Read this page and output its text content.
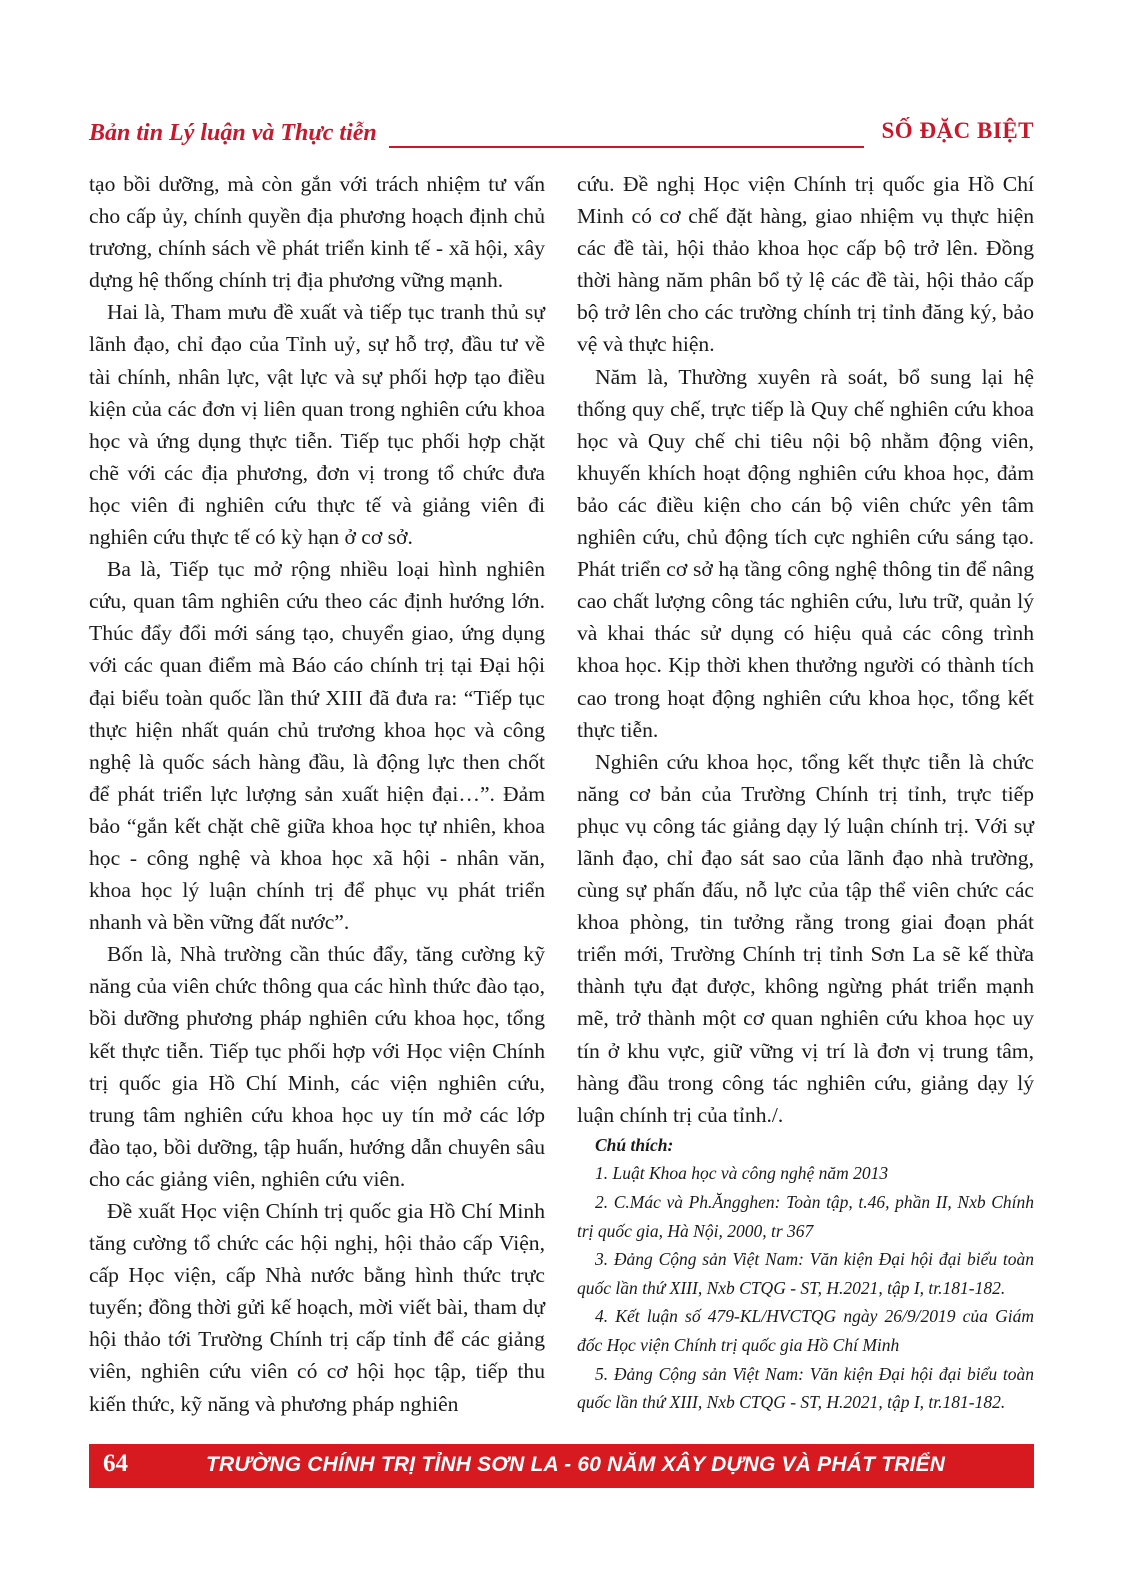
Bản tin Lý luận và Thực tiễn	SỐ ĐẶC BIỆT

tạo bồi dưỡng, mà còn gắn với trách nhiệm tư vấn cho cấp ủy, chính quyền địa phương hoạch định chủ trương, chính sách về phát triển kinh tế - xã hội, xây dựng hệ thống chính trị địa phương vững mạnh.

Hai là, Tham mưu đề xuất và tiếp tục tranh thủ sự lãnh đạo, chỉ đạo của Tỉnh uỷ, sự hỗ trợ, đầu tư về tài chính, nhân lực, vật lực và sự phối hợp tạo điều kiện của các đơn vị liên quan trong nghiên cứu khoa học và ứng dụng thực tiễn. Tiếp tục phối hợp chặt chẽ với các địa phương, đơn vị trong tổ chức đưa học viên đi nghiên cứu thực tế và giảng viên đi nghiên cứu thực tế có kỳ hạn ở cơ sở.

Ba là, Tiếp tục mở rộng nhiều loại hình nghiên cứu, quan tâm nghiên cứu theo các định hướng lớn. Thúc đẩy đổi mới sáng tạo, chuyển giao, ứng dụng với các quan điểm mà Báo cáo chính trị tại Đại hội đại biểu toàn quốc lần thứ XIII đã đưa ra: “Tiếp tục thực hiện nhất quán chủ trương khoa học và công nghệ là quốc sách hàng đầu, là động lực then chốt để phát triển lực lượng sản xuất hiện đại…”. Đảm bảo “gắn kết chặt chẽ giữa khoa học tự nhiên, khoa học - công nghệ và khoa học xã hội - nhân văn, khoa học lý luận chính trị để phục vụ phát triển nhanh và bền vững đất nước”.

Bốn là, Nhà trường cần thúc đẩy, tăng cường kỹ năng của viên chức thông qua các hình thức đào tạo, bồi dưỡng phương pháp nghiên cứu khoa học, tổng kết thực tiễn. Tiếp tục phối hợp với Học viện Chính trị quốc gia Hồ Chí Minh, các viện nghiên cứu, trung tâm nghiên cứu khoa học uy tín mở các lớp đào tạo, bồi dưỡng, tập huấn, hướng dẫn chuyên sâu cho các giảng viên, nghiên cứu viên.

Đề xuất Học viện Chính trị quốc gia Hồ Chí Minh tăng cường tổ chức các hội nghị, hội thảo cấp Viện, cấp Học viện, cấp Nhà nước bằng hình thức trực tuyến; đồng thời gửi kế hoạch, mời viết bài, tham dự hội thảo tới Trường Chính trị cấp tỉnh để các giảng viên, nghiên cứu viên có cơ hội học tập, tiếp thu kiến thức, kỹ năng và phương pháp nghiên

cứu. Đề nghị Học viện Chính trị quốc gia Hồ Chí Minh có cơ chế đặt hàng, giao nhiệm vụ thực hiện các đề tài, hội thảo khoa học cấp bộ trở lên. Đồng thời hàng năm phân bổ tỷ lệ các đề tài, hội thảo cấp bộ trở lên cho các trường chính trị tỉnh đăng ký, bảo vệ và thực hiện.

Năm là, Thường xuyên rà soát, bổ sung lại hệ thống quy chế, trực tiếp là Quy chế nghiên cứu khoa học và Quy chế chi tiêu nội bộ nhằm động viên, khuyến khích hoạt động nghiên cứu khoa học, đảm bảo các điều kiện cho cán bộ viên chức yên tâm nghiên cứu, chủ động tích cực nghiên cứu sáng tạo. Phát triển cơ sở hạ tầng công nghệ thông tin để nâng cao chất lượng công tác nghiên cứu, lưu trữ, quản lý và khai thác sử dụng có hiệu quả các công trình khoa học. Kịp thời khen thưởng người có thành tích cao trong hoạt động nghiên cứu khoa học, tổng kết thực tiễn.

Nghiên cứu khoa học, tổng kết thực tiễn là chức năng cơ bản của Trường Chính trị tỉnh, trực tiếp phục vụ công tác giảng dạy lý luận chính trị. Với sự lãnh đạo, chỉ đạo sát sao của lãnh đạo nhà trường, cùng sự phấn đấu, nỗ lực của tập thể viên chức các khoa phòng, tin tưởng rằng trong giai đoạn phát triển mới, Trường Chính trị tỉnh Sơn La sẽ kế thừa thành tựu đạt được, không ngừng phát triển mạnh mẽ, trở thành một cơ quan nghiên cứu khoa học uy tín ở khu vực, giữ vững vị trí là đơn vị trung tâm, hàng đầu trong công tác nghiên cứu, giảng dạy lý luận chính trị của tỉnh./.

Chú thích:

1. Luật Khoa học và công nghệ năm 2013

2. C.Mác và Ph.Ăngghen: Toàn tập, t.46, phần II, Nxb Chính trị quốc gia, Hà Nội, 2000, tr 367

3. Đảng Cộng sản Việt Nam: Văn kiện Đại hội đại biểu toàn quốc lần thứ XIII, Nxb CTQG - ST, H.2021, tập I, tr.181-182.

4. Kết luận số 479-KL/HVCTQG ngày 26/9/2019 của Giám đốc Học viện Chính trị quốc gia Hồ Chí Minh

5. Đảng Cộng sản Việt Nam: Văn kiện Đại hội đại biểu toàn quốc lần thứ XIII, Nxb CTQG - ST, H.2021, tập I, tr.181-182.

64	TRƯỜNG CHÍNH TRỊ TỈNH SƠN LA - 60 NĂM XÂY DỰNG VÀ PHÁT TRIỂN
